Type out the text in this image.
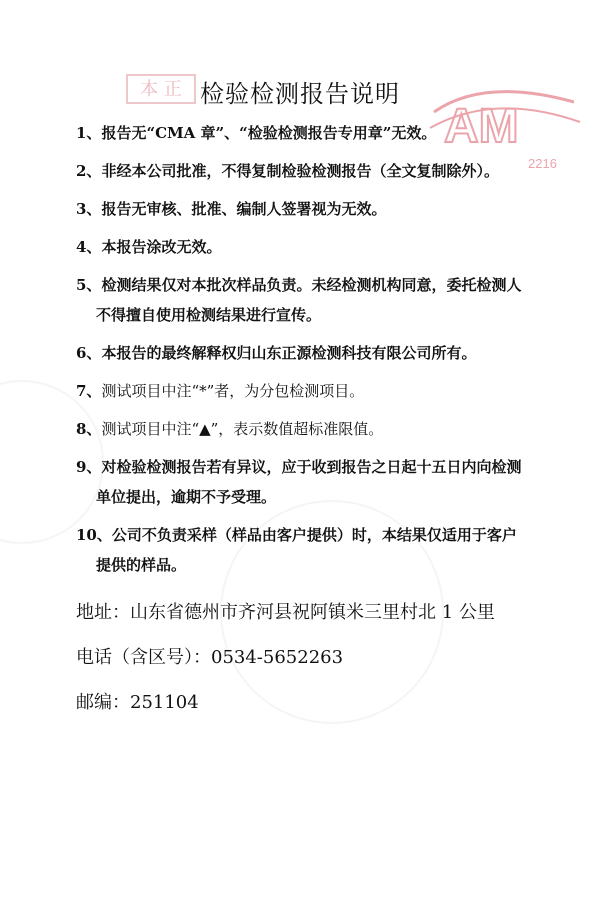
本 正
AM
2216
检验检测报告说明
1、报告无“CMA 章”、“检验检测报告专用章”无效。
2、非经本公司批准，不得复制检验检测报告（全文复制除外）。
3、报告无审核、批准、编制人签署视为无效。
4、本报告涂改无效。
5、检测结果仅对本批次样品负责。未经检测机构同意，委托检测人
不得擅自使用检测结果进行宣传。
6、本报告的最终解释权归山东正源检测科技有限公司所有。
7、测试项目中注“*”者，为分包检测项目。
8、测试项目中注“▲”，表示数值超标准限值。
9、对检验检测报告若有异议，应于收到报告之日起十五日内向检测
单位提出，逾期不予受理。
10、公司不负责采样（样品由客户提供）时，本结果仅适用于客户
提供的样品。
地址：山东省德州市齐河县祝阿镇米三里村北 1 公里
电话（含区号）：0534-5652263
邮编：251104
